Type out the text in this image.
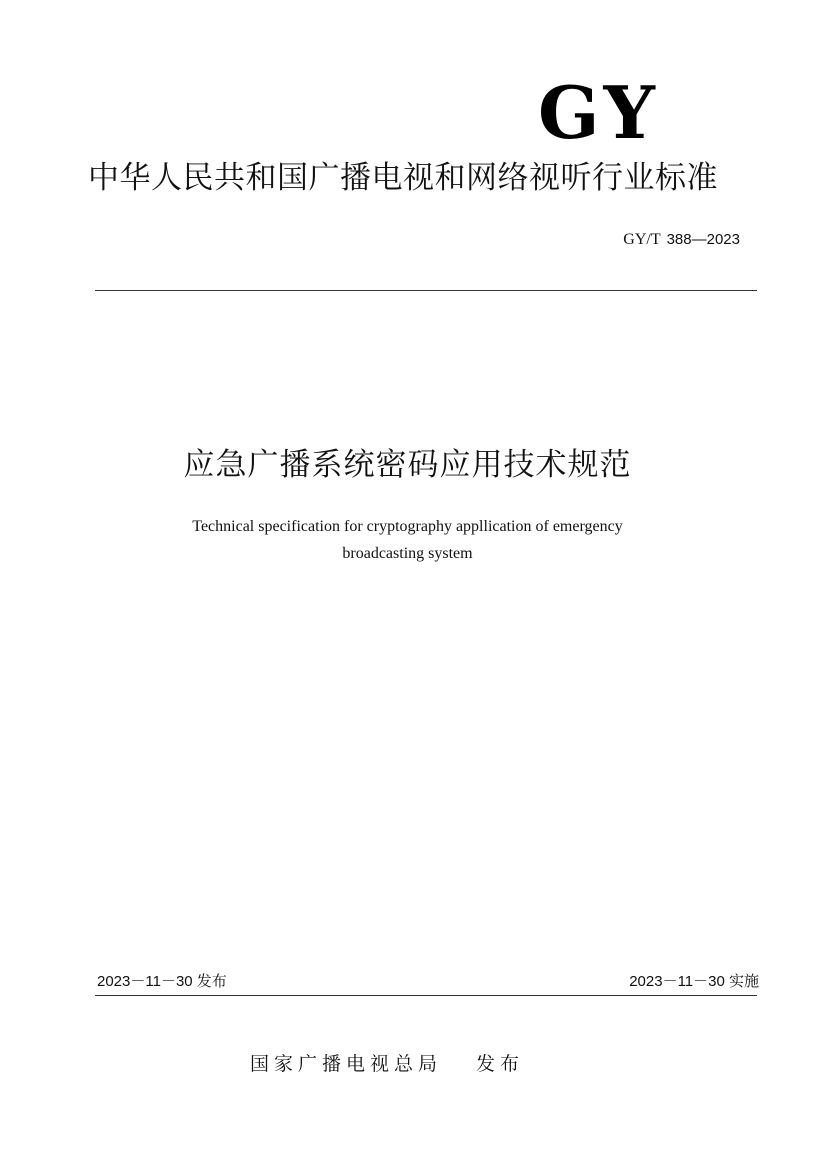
GY
中华人民共和国广播电视和网络视听行业标准
GY/T 388—2023
应急广播系统密码应用技术规范
Technical specification for cryptography appllication of emergency
broadcasting system
2023－11－30 发布	2023－11－30 实施
国家广播电视总局 发布
